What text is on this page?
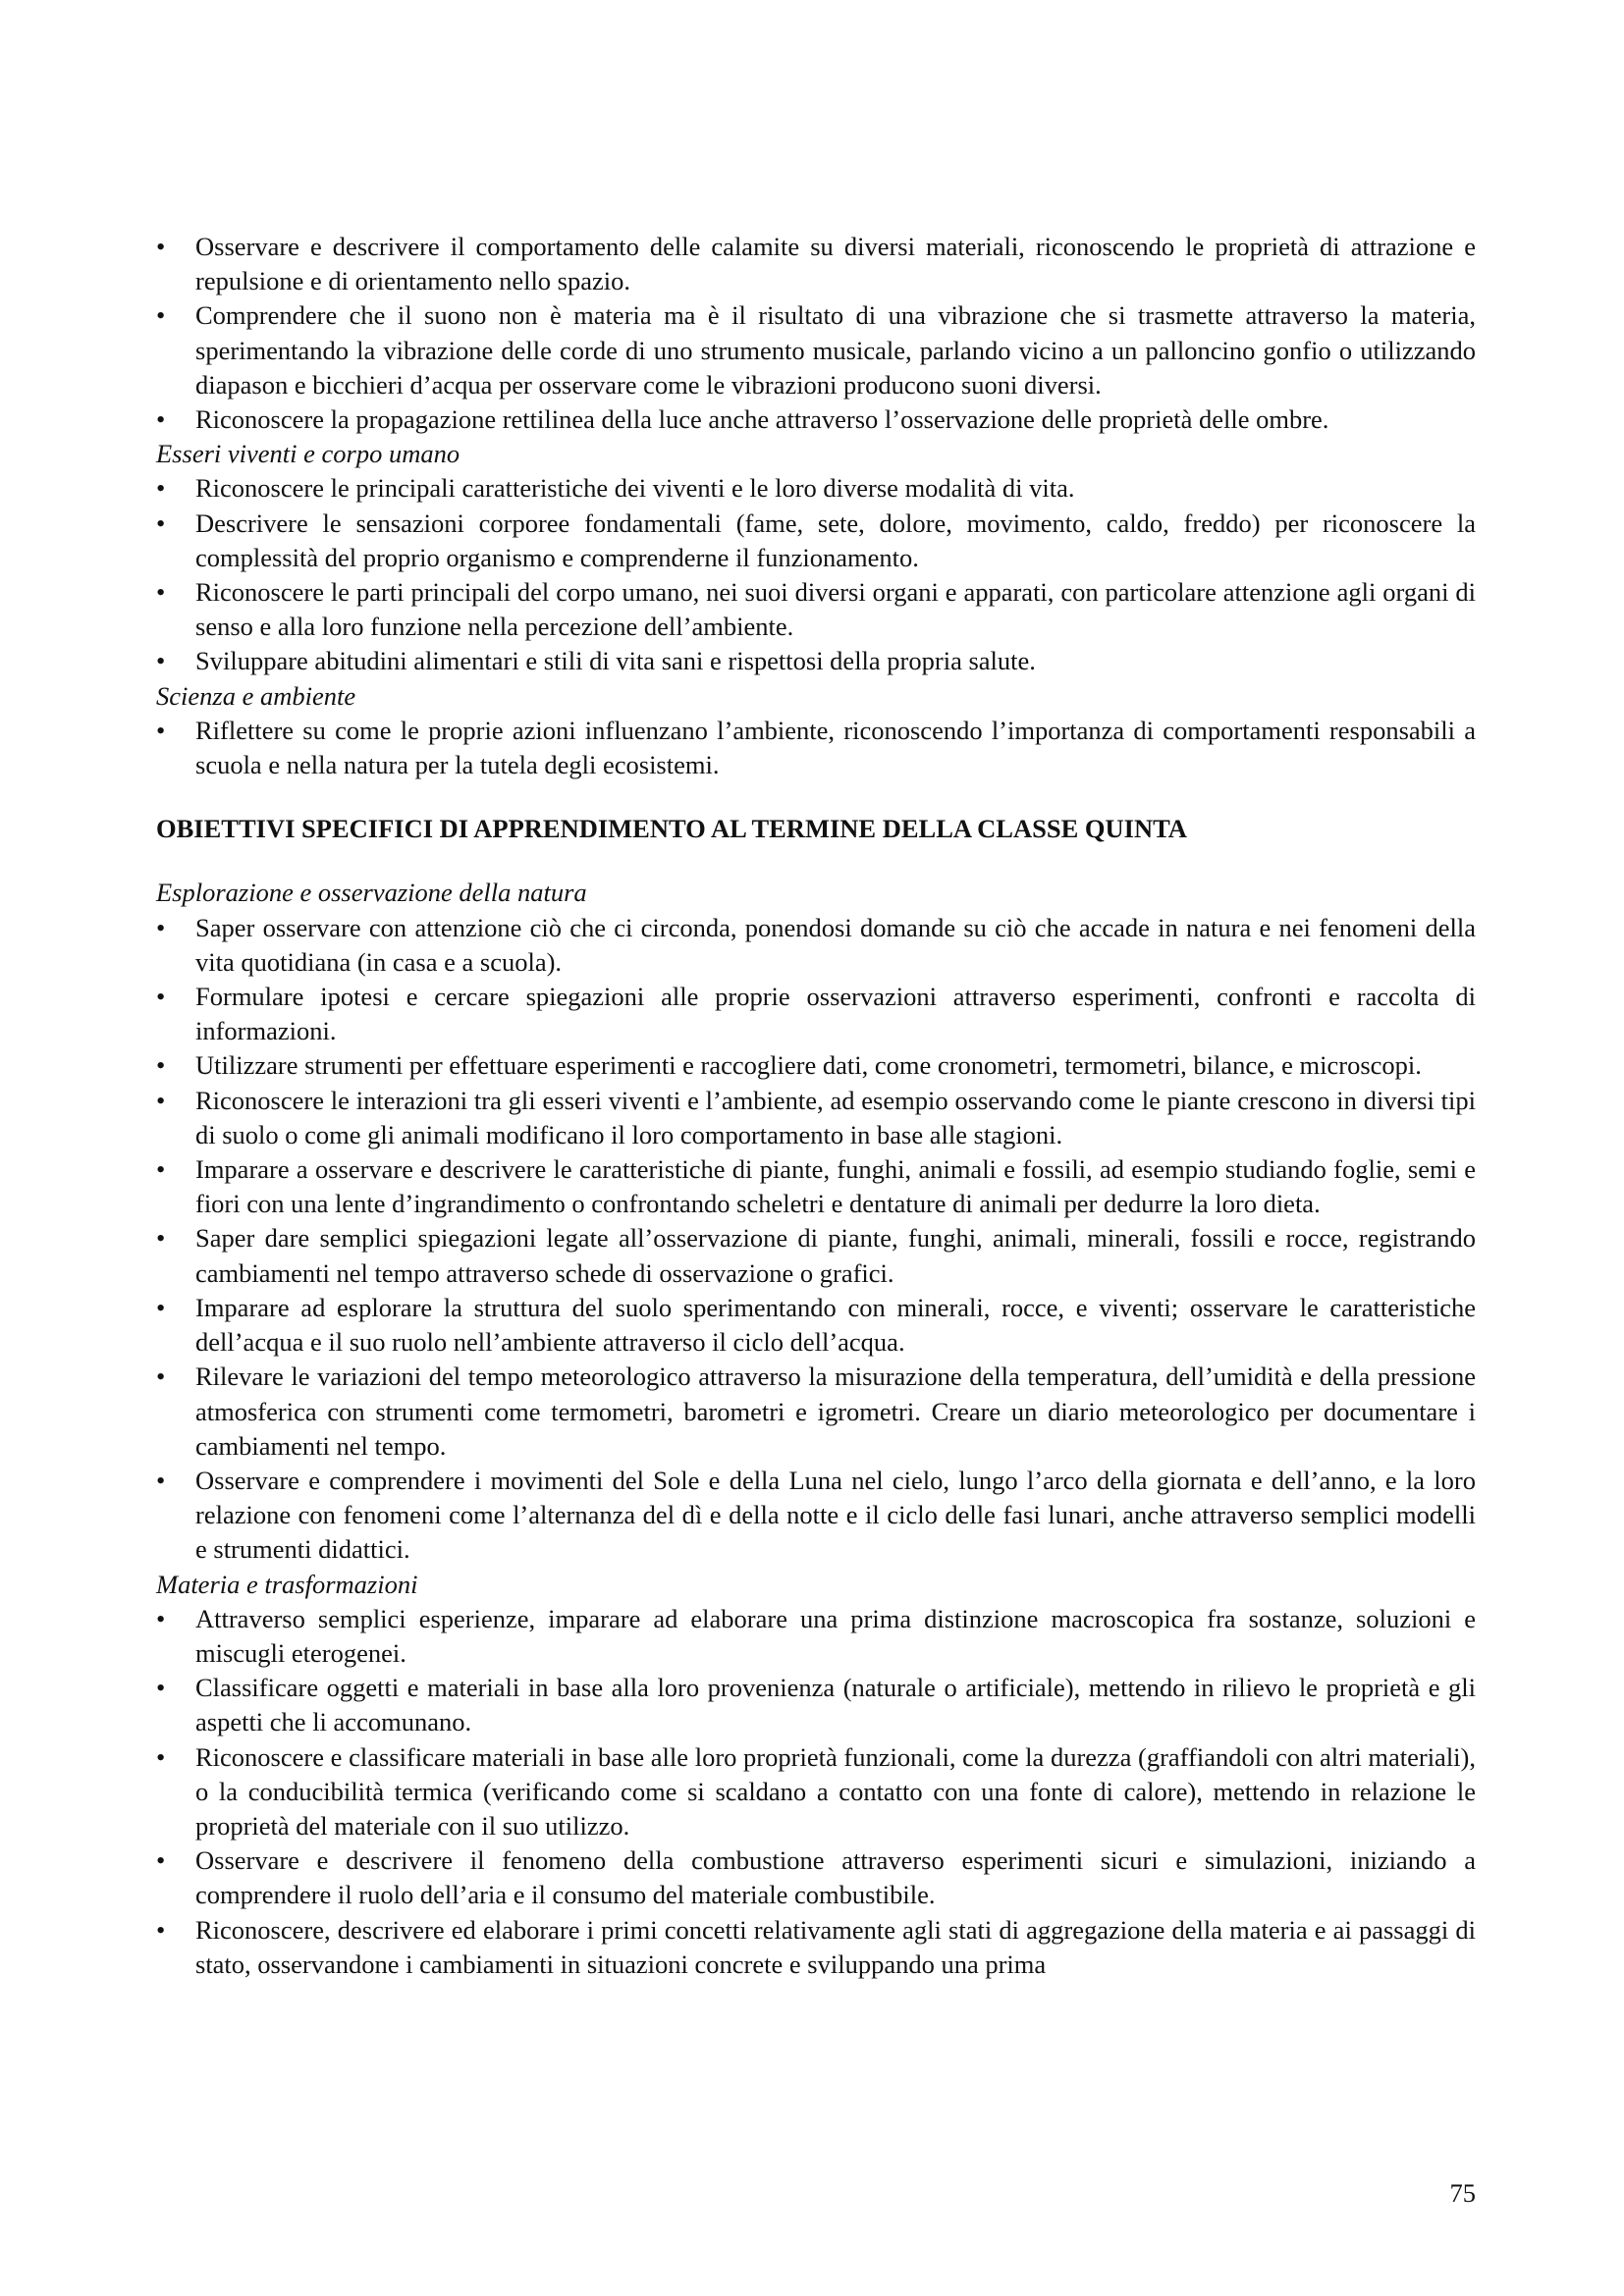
• Osservare e descrivere il comportamento delle calamite su diversi materiali, riconoscendo le proprietà di attrazione e repulsione e di orientamento nello spazio.
• Comprendere che il suono non è materia ma è il risultato di una vibrazione che si trasmette attraverso la materia, sperimentando la vibrazione delle corde di uno strumento musicale, parlando vicino a un palloncino gonfio o utilizzando diapason e bicchieri d’acqua per osservare come le vibrazioni producono suoni diversi.
• Riconoscere la propagazione rettilinea della luce anche attraverso l’osservazione delle proprietà delle ombre.
Esseri viventi e corpo umano
• Riconoscere le principali caratteristiche dei viventi e le loro diverse modalità di vita.
• Descrivere le sensazioni corporee fondamentali (fame, sete, dolore, movimento, caldo, freddo) per riconoscere la complessità del proprio organismo e comprenderne il funzionamento.
• Riconoscere le parti principali del corpo umano, nei suoi diversi organi e apparati, con particolare attenzione agli organi di senso e alla loro funzione nella percezione dell’ambiente.
• Sviluppare abitudini alimentari e stili di vita sani e rispettosi della propria salute.
Scienza e ambiente
• Riflettere su come le proprie azioni influenzano l’ambiente, riconoscendo l’importanza di comportamenti responsabili a scuola e nella natura per la tutela degli ecosistemi.
OBIETTIVI SPECIFICI DI APPRENDIMENTO AL TERMINE DELLA CLASSE QUINTA
Esplorazione e osservazione della natura
• Saper osservare con attenzione ciò che ci circonda, ponendosi domande su ciò che accade in natura e nei fenomeni della vita quotidiana (in casa e a scuola).
• Formulare ipotesi e cercare spiegazioni alle proprie osservazioni attraverso esperimenti, confronti e raccolta di informazioni.
• Utilizzare strumenti per effettuare esperimenti e raccogliere dati, come cronometri, termometri, bilance, e microscopi.
• Riconoscere le interazioni tra gli esseri viventi e l’ambiente, ad esempio osservando come le piante crescono in diversi tipi di suolo o come gli animali modificano il loro comportamento in base alle stagioni.
• Imparare a osservare e descrivere le caratteristiche di piante, funghi, animali e fossili, ad esempio studiando foglie, semi e fiori con una lente d’ingrandimento o confrontando scheletri e dentature di animali per dedurre la loro dieta.
• Saper dare semplici spiegazioni legate all’osservazione di piante, funghi, animali, minerali, fossili e rocce, registrando cambiamenti nel tempo attraverso schede di osservazione o grafici.
• Imparare ad esplorare la struttura del suolo sperimentando con minerali, rocce, e viventi; osservare le caratteristiche dell’acqua e il suo ruolo nell’ambiente attraverso il ciclo dell’acqua.
• Rilevare le variazioni del tempo meteorologico attraverso la misurazione della temperatura, dell’umidità e della pressione atmosferica con strumenti come termometri, barometri e igrometri. Creare un diario meteorologico per documentare i cambiamenti nel tempo.
• Osservare e comprendere i movimenti del Sole e della Luna nel cielo, lungo l’arco della giornata e dell’anno, e la loro relazione con fenomeni come l’alternanza del dì e della notte e il ciclo delle fasi lunari, anche attraverso semplici modelli e strumenti didattici.
Materia e trasformazioni
• Attraverso semplici esperienze, imparare ad elaborare una prima distinzione macroscopica fra sostanze, soluzioni e miscugli eterogenei.
• Classificare oggetti e materiali in base alla loro provenienza (naturale o artificiale), mettendo in rilievo le proprietà e gli aspetti che li accomunano.
• Riconoscere e classificare materiali in base alle loro proprietà funzionali, come la durezza (graffiandoli con altri materiali), o la conducibilità termica (verificando come si scaldano a contatto con una fonte di calore), mettendo in relazione le proprietà del materiale con il suo utilizzo.
• Osservare e descrivere il fenomeno della combustione attraverso esperimenti sicuri e simulazioni, iniziando a comprendere il ruolo dell’aria e il consumo del materiale combustibile.
• Riconoscere, descrivere ed elaborare i primi concetti relativamente agli stati di aggregazione della materia e ai passaggi di stato, osservandone i cambiamenti in situazioni concrete e sviluppando una prima
75
